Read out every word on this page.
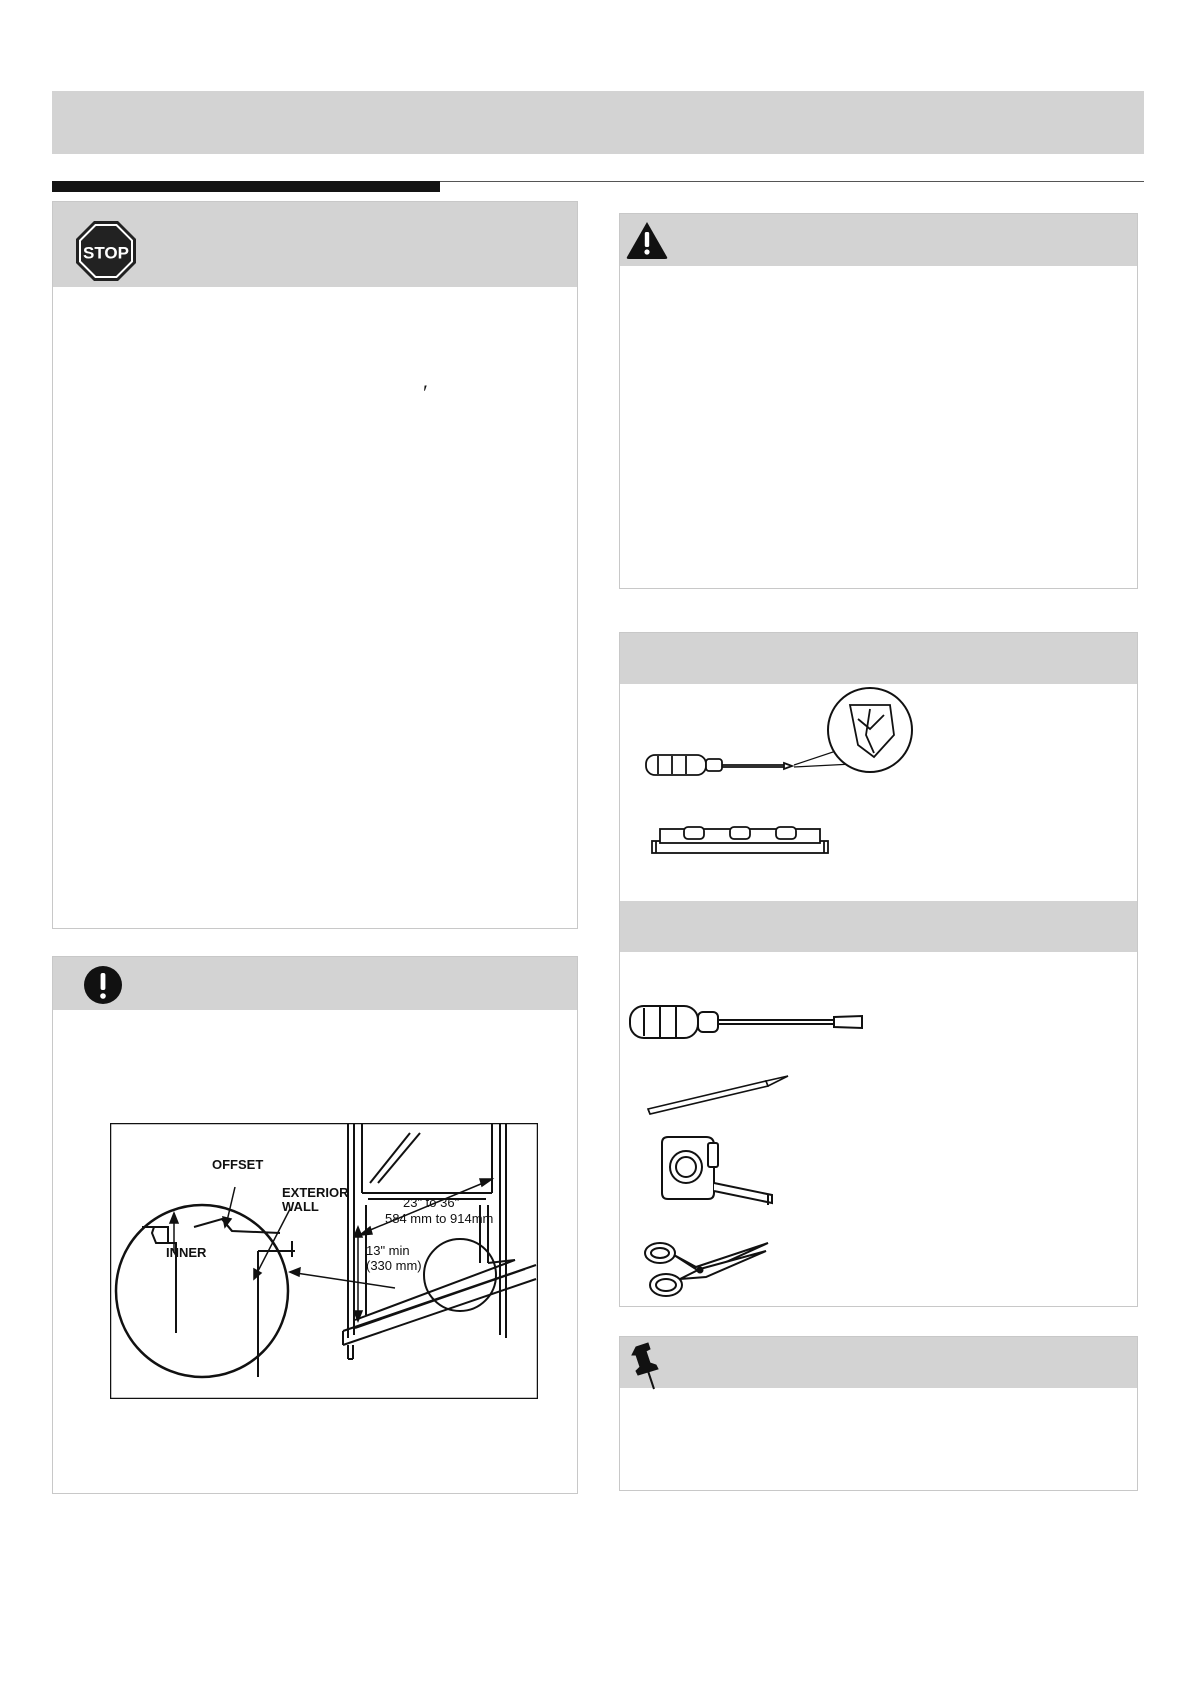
STOP
′
OFFSET
EXTERIOR
WALL
INNER
23" to 36"
584 mm to 914mm
13" min
(330 mm)
